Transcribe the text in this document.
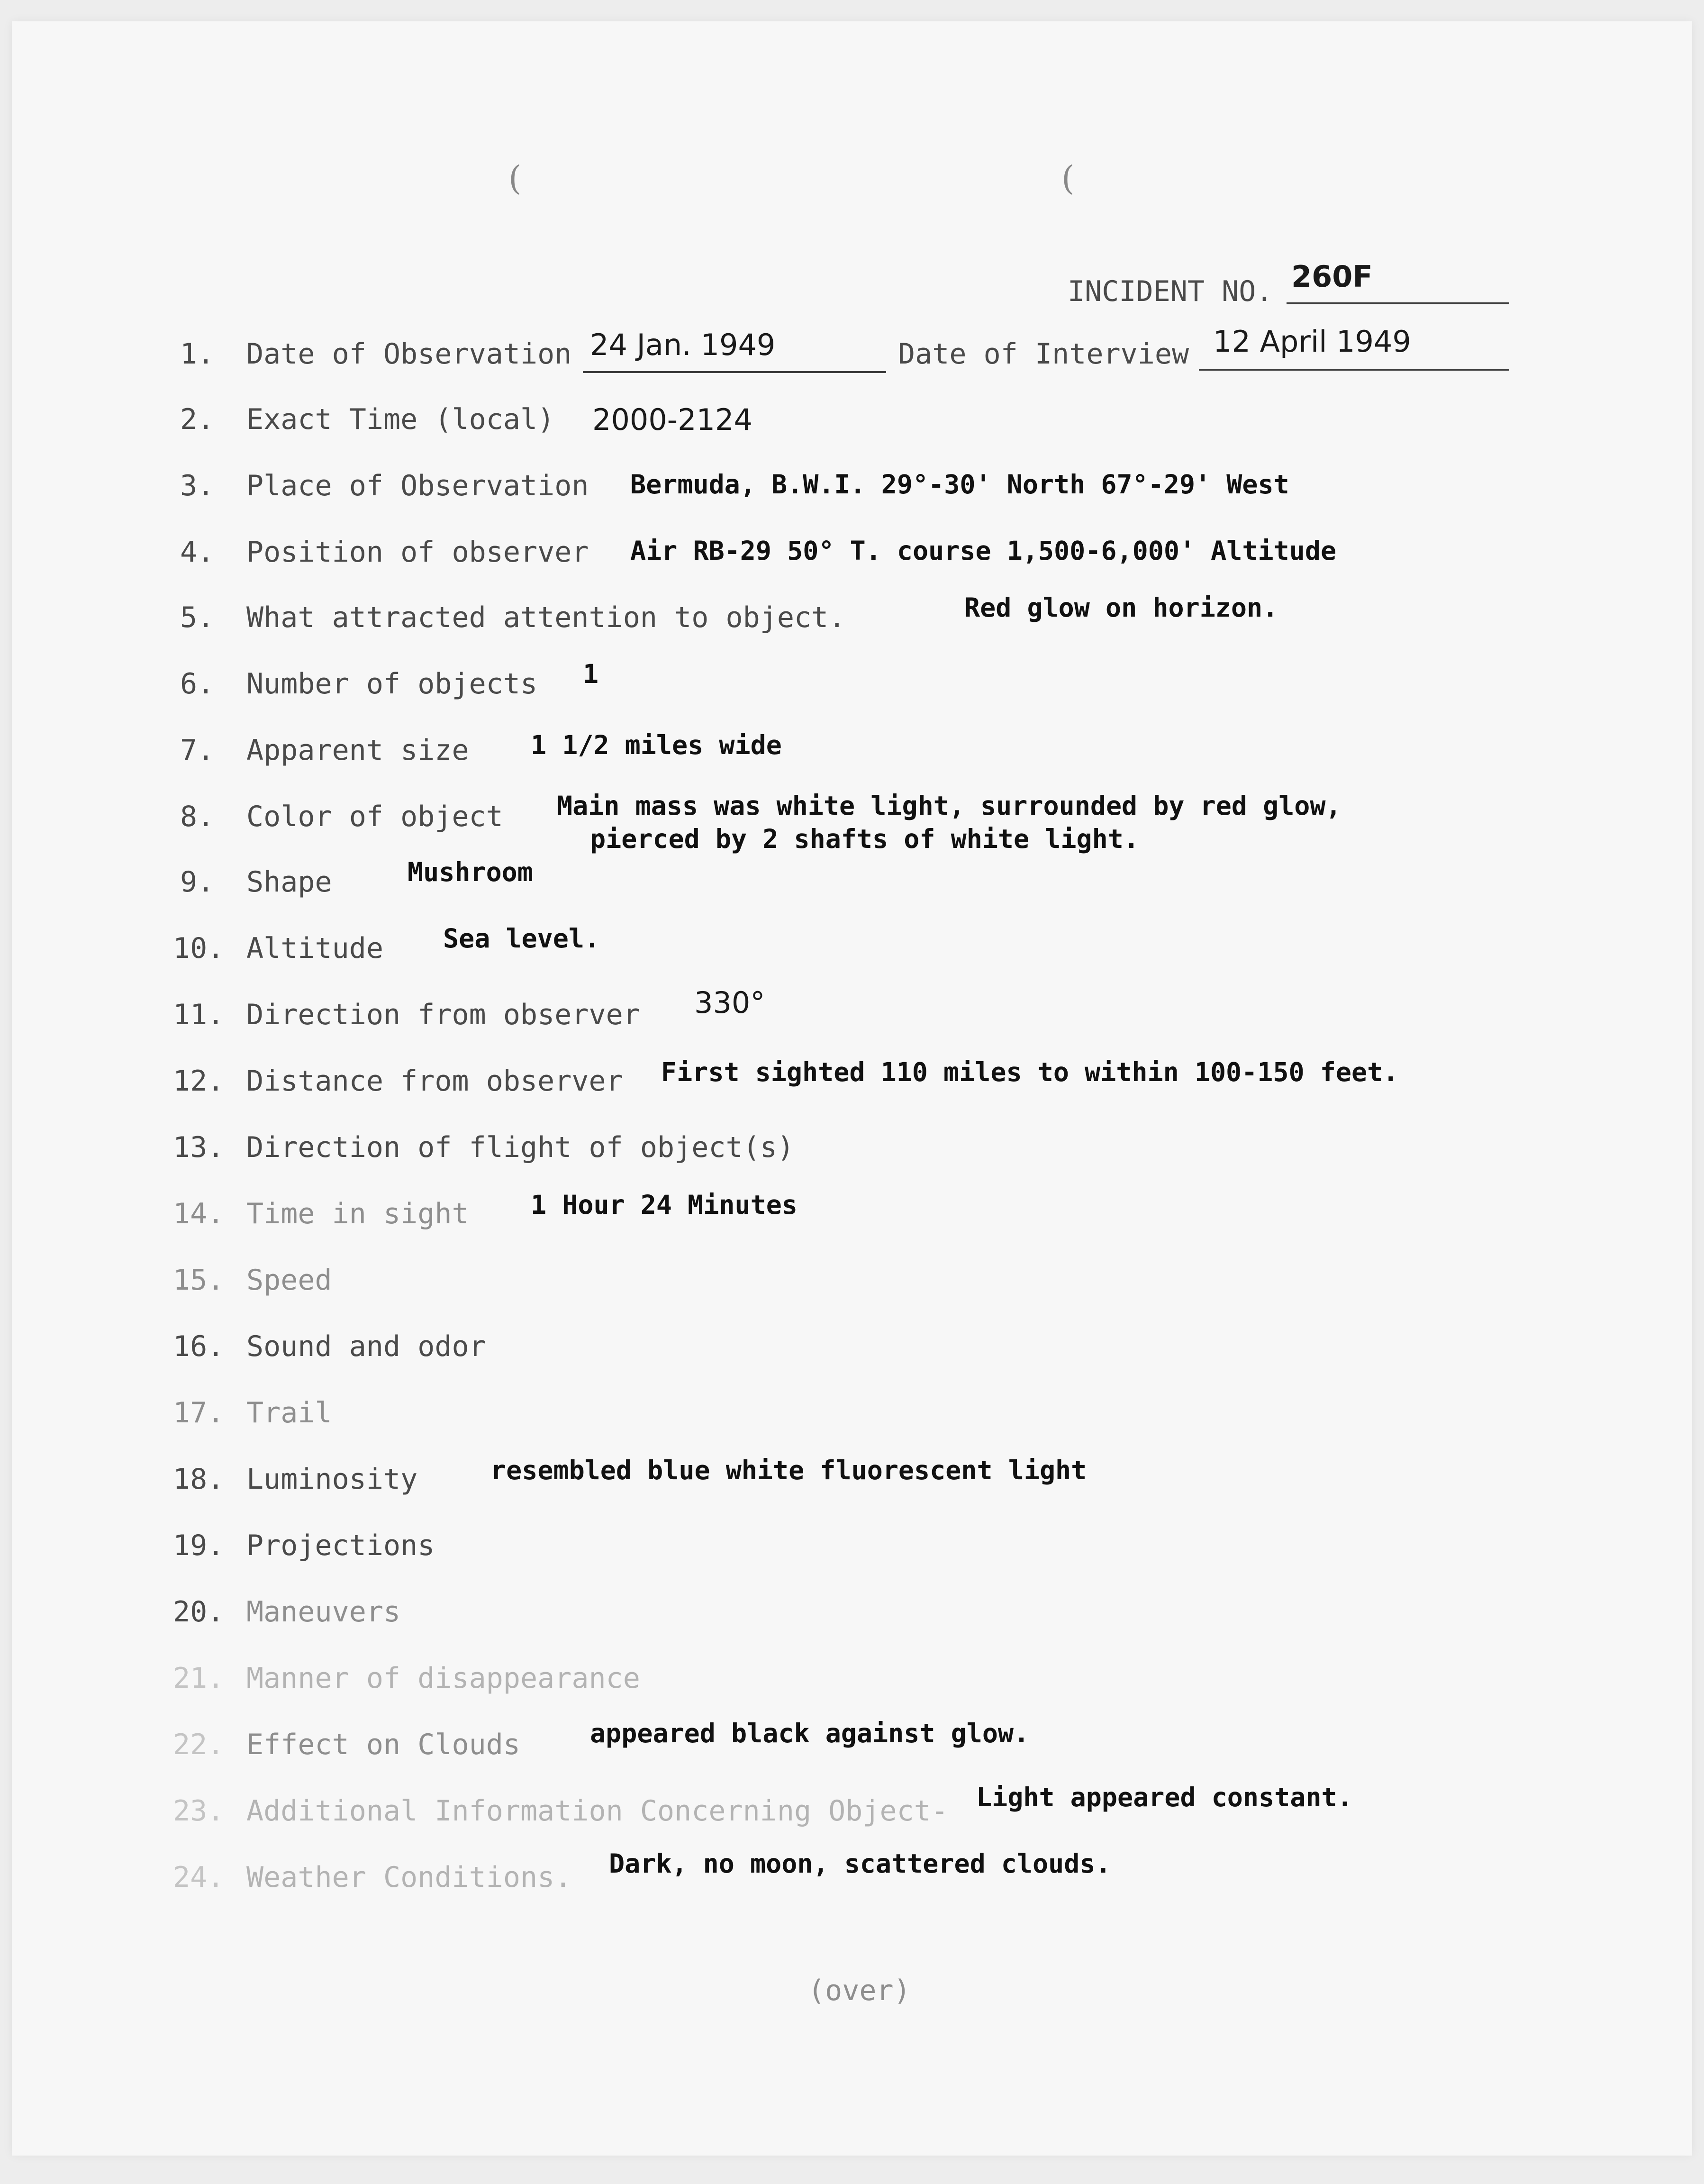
(	(
INCIDENT NO. 260F
1. Date of Observation 24 Jan. 1949	Date of Interview 12 April 1949
2. Exact Time (local) 2000-2124
3. Place of Observation Bermuda, B.W.I. 29°-30' North 67°-29' West
4. Position of observer Air RB-29 50° T. course 1,500-6,000' Altitude
5. What attracted attention to object.	Red glow on horizon.
6. Number of objects 1
7. Apparent size 1 1/2 miles wide
8. Color of object Main mass was white light, surrounded by red glow,
pierced by 2 shafts of white light.
9. Shape	Mushroom
10. Altitude Sea level.
11. Direction from observer 330°
12. Distance from observer First sighted 110 miles to within 100-150 feet.
13. Direction of flight of object(s)
14. Time in sight 1 Hour 24 Minutes
15. Speed
16. Sound and odor
17. Trail
18. Luminosity	resembled blue white fluorescent light
19. Projections
20. Maneuvers
21. Manner of disappearance
22. Effect on Clouds	appeared black against glow.
23. Additional Information Concerning Object- Light appeared constant.
24. Weather Conditions. Dark, no moon, scattered clouds.
(over)
